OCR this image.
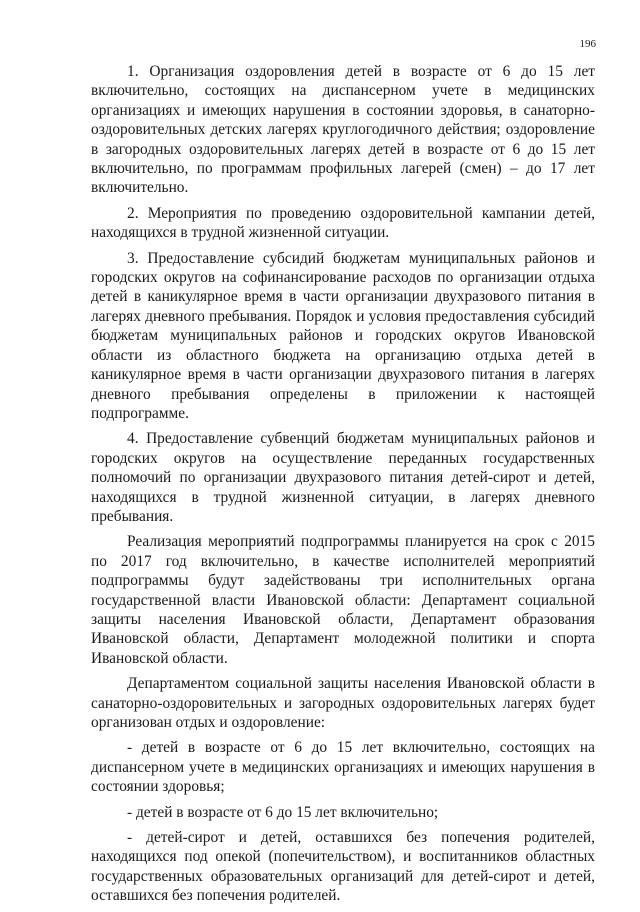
196

1. Организация оздоровления детей в возрасте от 6 до 15 лет включительно, состоящих на диспансерном учете в медицинских организациях и имеющих нарушения в состоянии здоровья, в санаторно-оздоровительных детских лагерях круглогодичного действия; оздоровление в загородных оздоровительных лагерях детей в возрасте от 6 до 15 лет включительно, по программам профильных лагерей (смен) – до 17 лет включительно.

2. Мероприятия по проведению оздоровительной кампании детей, находящихся в трудной жизненной ситуации.

3. Предоставление субсидий бюджетам муниципальных районов и городских округов на софинансирование расходов по организации отдыха детей в каникулярное время в части организации двухразового питания в лагерях дневного пребывания. Порядок и условия предоставления субсидий бюджетам муниципальных районов и городских округов Ивановской области из областного бюджета на организацию отдыха детей в каникулярное время в части организации двухразового питания в лагерях дневного пребывания определены в приложении к настоящей подпрограмме.

4. Предоставление субвенций бюджетам муниципальных районов и городских округов на осуществление переданных государственных полномочий по организации двухразового питания детей-сирот и детей, находящихся в трудной жизненной ситуации, в лагерях дневного пребывания.

Реализация мероприятий подпрограммы планируется на срок с 2015 по 2017 год включительно, в качестве исполнителей мероприятий подпрограммы будут задействованы три исполнительных органа государственной власти Ивановской области: Департамент социальной защиты населения Ивановской области, Департамент образования Ивановской области, Департамент молодежной политики и спорта Ивановской области.

Департаментом социальной защиты населения Ивановской области в санаторно-оздоровительных и загородных оздоровительных лагерях будет организован отдых и оздоровление:

- детей в возрасте от 6 до 15 лет включительно, состоящих на диспансерном учете в медицинских организациях и имеющих нарушения в состоянии здоровья;

- детей в возрасте от 6 до 15 лет включительно;

- детей-сирот и детей, оставшихся без попечения родителей, находящихся под опекой (попечительством), и воспитанников областных государственных образовательных организаций для детей-сирот и детей, оставшихся без попечения родителей.
